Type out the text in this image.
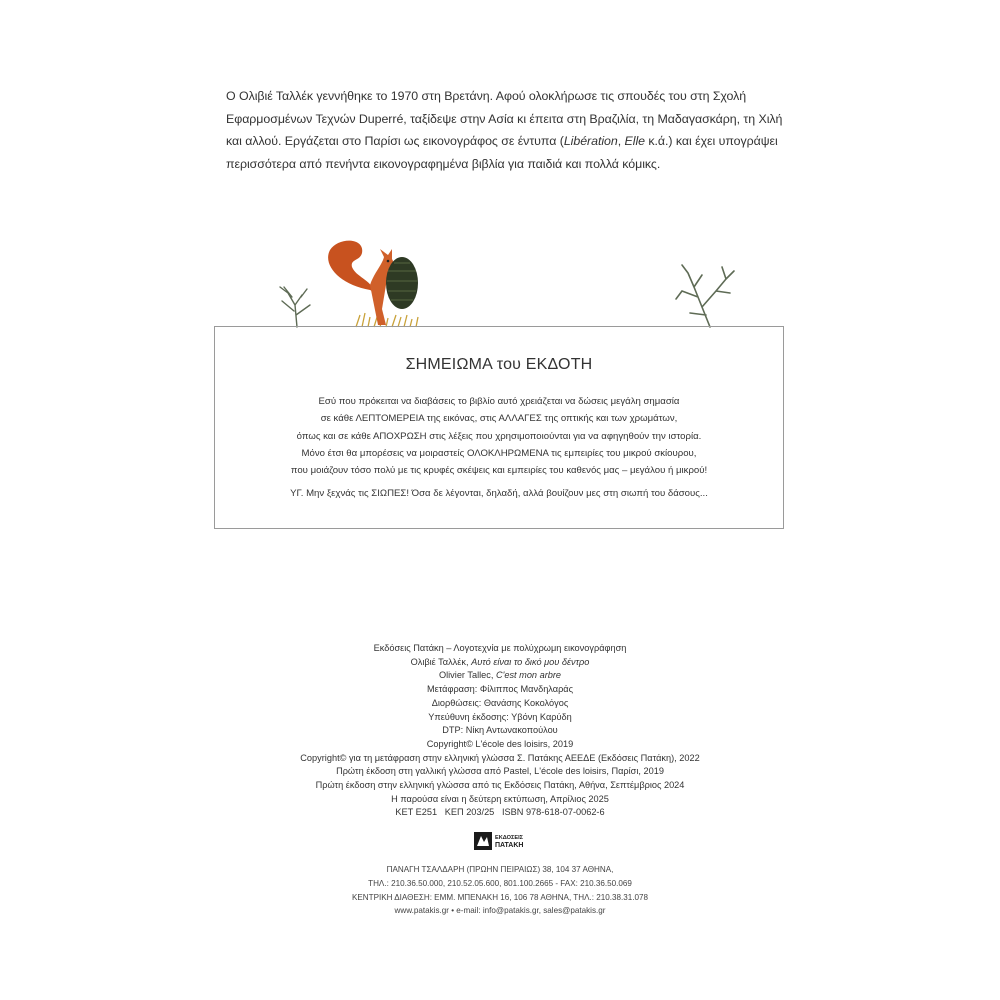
Ο Ολιβιέ Ταλλέκ γεννήθηκε το 1970 στη Βρετάνη. Αφού ολοκλήρωσε τις σπουδές του στη Σχολή Εφαρμοσμένων Τεχνών Duperré, ταξίδεψε στην Ασία κι έπειτα στη Βραζιλία, τη Μαδαγασκάρη, τη Χιλή και αλλού. Εργάζεται στο Παρίσι ως εικονογράφος σε έντυπα (Libération, Elle κ.ά.) και έχει υπογράψει περισσότερα από πενήντα εικονογραφημένα βιβλία για παιδιά και πολλά κόμικς.

ΣΗΜΕΙΩΜΑ του ΕΚΔΟΤΗ
Εσύ που πρόκειται να διαβάσεις το βιβλίο αυτό χρειάζεται να δώσεις μεγάλη σημασία
σε κάθε ΛΕΠΤΟΜΕΡΕΙΑ της εικόνας, στις ΑΛΛΑΓΕΣ της οπτικής και των χρωμάτων,
όπως και σε κάθε ΑΠΟΧΡΩΣΗ στις λέξεις που χρησιμοποιούνται για να αφηγηθούν την ιστορία.
Μόνο έτσι θα μπορέσεις να μοιραστείς ΟΛΟΚΛΗΡΩΜΕΝΑ τις εμπειρίες του μικρού σκίουρου,
που μοιάζουν τόσο πολύ με τις κρυφές σκέψεις και εμπειρίες του καθενός μας – μεγάλου ή μικρού!
ΥΓ. Μην ξεχνάς τις ΣΙΩΠΕΣ! Όσα δε λέγονται, δηλαδή, αλλά βουίζουν μες στη σιωπή του δάσους...
Εκδόσεις Πατάκη – Λογοτεχνία με πολύχρωμη εικονογράφηση
Ολιβιέ Ταλλέκ, Αυτό είναι το δικό μου δέντρο
Olivier Tallec, C'est mon arbre
Μετάφραση: Φίλιππος Μανδηλαράς
Διορθώσεις: Θανάσης Κοκολόγος
Υπεύθυνη έκδοσης: Υβόνη Καρύδη
DTP: Νίκη Αντωνακοπούλου
Copyright© L'école des loisirs, 2019
Copyright© για τη μετάφραση στην ελληνική γλώσσα Σ. Πατάκης ΑΕΕΔΕ (Εκδόσεις Πατάκη), 2022
Πρώτη έκδοση στη γαλλική γλώσσα από Pastel, L'école des loisirs, Παρίσι, 2019
Πρώτη έκδοση στην ελληνική γλώσσα από τις Εκδόσεις Πατάκη, Αθήνα, Σεπτέμβριος 2024
Η παρούσα είναι η δεύτερη εκτύπωση, Απρίλιος 2025
ΚΕΤ Ε251   ΚΕΠ 203/25   ISBN 978-618-07-0062-6
ΕΚΔΟΣΕΙΣ
ΠΑΤΑΚΗ
ΠΑΝΑΓΗ ΤΣΑΛΔΑΡΗ (ΠΡΩΗΝ ΠΕΙΡΑΙΩΣ) 38, 104 37 ΑΘΗΝΑ,
ΤΗΛ.: 210.36.50.000, 210.52.05.600, 801.100.2665 - FAX: 210.36.50.069
ΚΕΝΤΡΙΚΗ ΔΙΑΘΕΣΗ: ΕΜΜ. ΜΠΕΝΑΚΗ 16, 106 78 ΑΘΗΝΑ, ΤΗΛ.: 210.38.31.078
www.patakis.gr • e-mail: info@patakis.gr, sales@patakis.gr
